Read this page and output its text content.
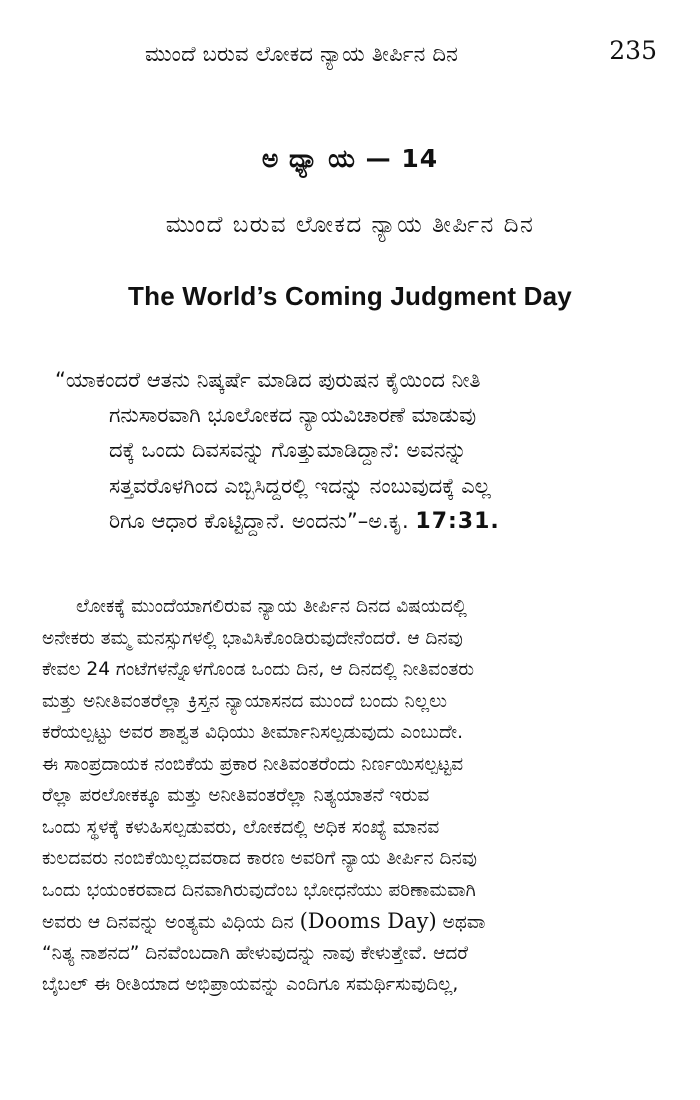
ಮುಂದೆ ಬರುವ ಲೋಕದ ನ್ಯಾಯ ತೀರ್ಪಿನ ದಿನ	235
ಅ ಧ್ಯಾ ಯ — 14
ಮುಂದೆ ಬರುವ ಲೋಕದ ನ್ಯಾಯ ತೀರ್ಪಿನ ದಿನ
The World’s Coming Judgment Day
“ಯಾಕಂದರೆ ಆತನು ನಿಷ್ಕರ್ಷೆ ಮಾಡಿದ ಪುರುಷನ ಕೈಯಿಂದ ನೀತಿ
ಗನುಸಾರವಾಗಿ ಭೂಲೋಕದ ನ್ಯಾಯವಿಚಾರಣೆ ಮಾಡುವು
ದಕ್ಕೆ ಒಂದು ದಿವಸವನ್ನು ಗೊತ್ತುಮಾಡಿದ್ದಾನೆ: ಅವನನ್ನು
ಸತ್ತವರೊಳಗಿಂದ ಎಬ್ಬಿಸಿದ್ದರಲ್ಲಿ ಇದನ್ನು ನಂಬುವುದಕ್ಕೆ ಎಲ್ಲ
ರಿಗೂ ಆಧಾರ ಕೊಟ್ಟಿದ್ದಾನೆ. ಅಂದನು”–ಅ.ಕೃ. 17:31.
ಲೋಕಕ್ಕೆ ಮುಂದೆಯಾಗಲಿರುವ ನ್ಯಾಯ ತೀರ್ಪಿನ ದಿನದ ವಿಷಯದಲ್ಲಿ
ಅನೇಕರು ತಮ್ಮ ಮನಸ್ಸುಗಳಲ್ಲಿ ಭಾವಿಸಿಕೊಂಡಿರುವುದೇನೆಂದರೆ. ಆ ದಿನವು
ಕೇವಲ 24 ಗಂಟೆಗಳನ್ನೊಳಗೊಂಡ ಒಂದು ದಿನ, ಆ ದಿನದಲ್ಲಿ ನೀತಿವಂತರು
ಮತ್ತು ಅನೀತಿವಂತರೆಲ್ಲಾ ಕ್ರಿಸ್ತನ ನ್ಯಾಯಾಸನದ ಮುಂದೆ ಬಂದು ನಿಲ್ಲಲು
ಕರೆಯಲ್ಪಟ್ಟು ಅವರ ಶಾಶ್ವತ ವಿಧಿಯು ತೀರ್ಮಾನಿಸಲ್ಪಡುವುದು ಎಂಬುದೇ.
ಈ ಸಾಂಪ್ರದಾಯಕ ನಂಬಿಕೆಯ ಪ್ರಕಾರ ನೀತಿವಂತರೆಂದು ನಿರ್ಣಯಿಸಲ್ಪಟ್ಟವ
ರೆಲ್ಲಾ ಪರಲೋಕಕ್ಕೂ ಮತ್ತು ಅನೀತಿವಂತರೆಲ್ಲಾ ನಿತ್ಯಯಾತನೆ ಇರುವ
ಒಂದು ಸ್ಥಳಕ್ಕೆ ಕಳುಹಿಸಲ್ಪಡುವರು, ಲೋಕದಲ್ಲಿ ಅಧಿಕ ಸಂಖ್ಯೆ ಮಾನವ
ಕುಲದವರು ನಂಬಿಕೆಯಿಲ್ಲದವರಾದ ಕಾರಣ ಅವರಿಗೆ ನ್ಯಾಯ ತೀರ್ಪಿನ ದಿನವು
ಒಂದು ಭಯಂಕರವಾದ ದಿನವಾಗಿರುವುದೆಂಬ ಭೋಧನೆಯು ಪರಿಣಾಮವಾಗಿ
ಅವರು ಆ ದಿನವನ್ನು ಅಂತ್ಯಮ ವಿಧಿಯ ದಿನ (Dooms Day) ಅಥವಾ
“ನಿತ್ಯ ನಾಶನದ” ದಿನವೆಂಬದಾಗಿ ಹೇಳುವುದನ್ನು ನಾವು ಕೇಳುತ್ತೇವೆ. ಆದರೆ
ಬೈಬಲ್ ಈ ರೀತಿಯಾದ ಅಭಿಪ್ರಾಯವನ್ನು ಎಂದಿಗೂ ಸಮರ್ಥಿಸುವುದಿಲ್ಲ,
